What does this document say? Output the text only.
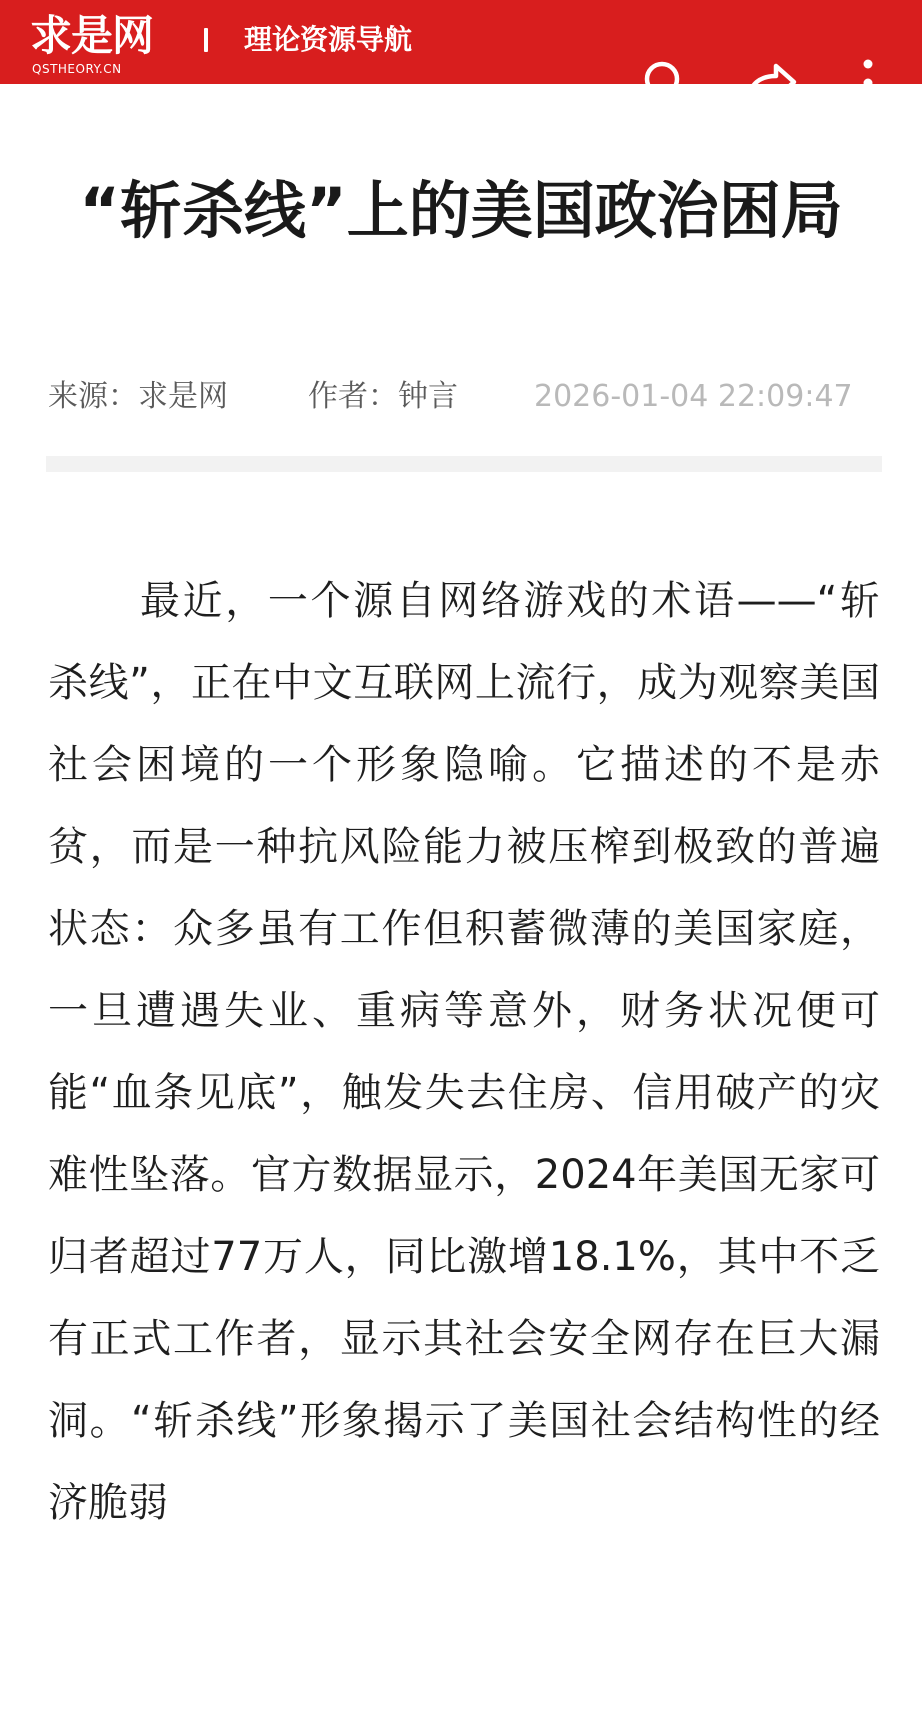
求是网
QSTHEORY.CN
理论资源导航
“斩杀线”上的美国政治困局
来源：求是网	作者：钟言	2026-01-04 22:09:47

最近，一个源自网络游戏的术语——“斩杀线”，正在中文互联网上流行，成为观察美国社会困境的一个形象隐喻。它描述的不是赤贫，而是一种抗风险能力被压榨到极致的普遍状态：众多虽有工作但积蓄微薄的美国家庭，一旦遭遇失业、重病等意外，财务状况便可能“血条见底”，触发失去住房、信用破产的灾难性坠落。官方数据显示，2024年美国无家可归者超过77万人，同比激增18.1%，其中不乏有正式工作者，显示其社会安全网存在巨大漏洞。“斩杀线”形象揭示了美国社会结构性的经济脆弱
